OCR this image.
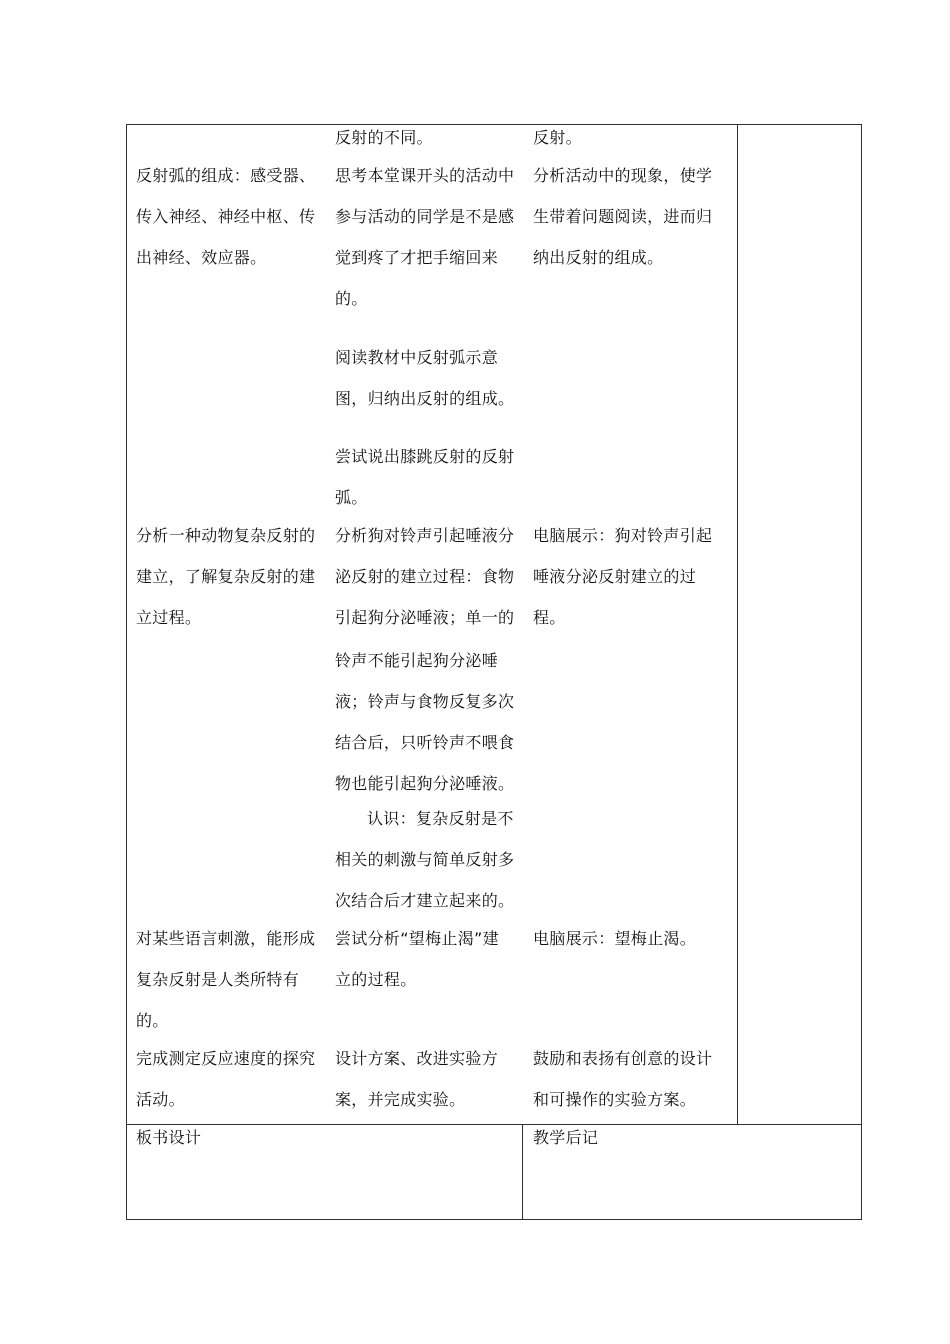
反射的不同。	反射。
反射弧的组成：感受器、
传入神经、神经中枢、传
出神经、效应器。
思考本堂课开头的活动中
参与活动的同学是不是感
觉到疼了才把手缩回来
的。
阅读教材中反射弧示意
图，归纳出反射的组成。
尝试说出膝跳反射的反射
弧。
分析活动中的现象，使学
生带着问题阅读，进而归
纳出反射的组成。
分析一种动物复杂反射的
建立，了解复杂反射的建
立过程。
分析狗对铃声引起唾液分
泌反射的建立过程：食物
引起狗分泌唾液；单一的
铃声不能引起狗分泌唾
液；铃声与食物反复多次
结合后，只听铃声不喂食
物也能引起狗分泌唾液。
认识：复杂反射是不
相关的刺激与简单反射多
次结合后才建立起来的。
电脑展示：狗对铃声引起
唾液分泌反射建立的过
程。
对某些语言刺激，能形成
复杂反射是人类所特有
的。
尝试分析“望梅止渴”建
立的过程。
电脑展示：望梅止渴。
完成测定反应速度的探究
活动。
设计方案、改进实验方
案，并完成实验。
鼓励和表扬有创意的设计
和可操作的实验方案。
板书设计	教学后记
